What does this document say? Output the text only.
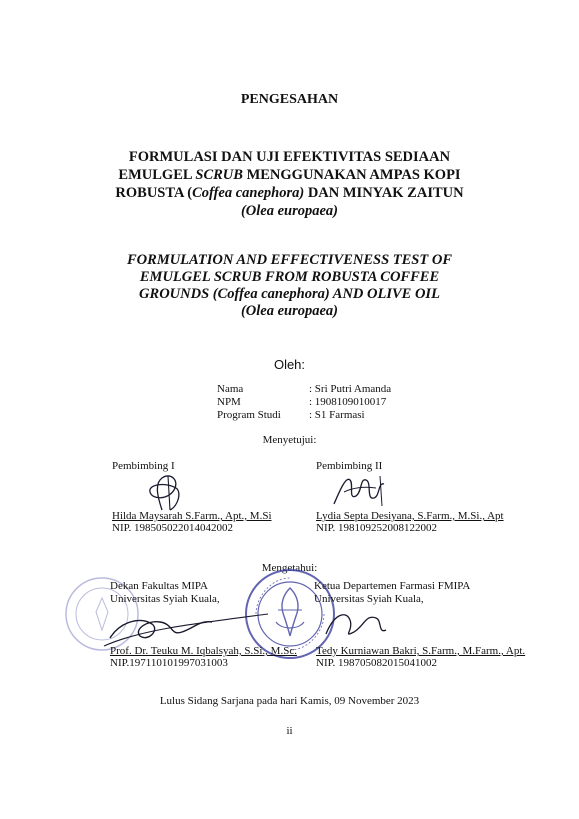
PENGESAHAN
FORMULASI DAN UJI EFEKTIVITAS SEDIAAN
EMULGEL SCRUB MENGGUNAKAN AMPAS KOPI
ROBUSTA (Coffea canephora) DAN MINYAK ZAITUN
(Olea europaea)
FORMULATION AND EFFECTIVENESS TEST OF
EMULGEL SCRUB FROM ROBUSTA COFFEE
GROUNDS (Coffea canephora) AND OLIVE OIL
(Olea europaea)
Oleh:
Nama	: Sri Putri Amanda
NPM	: 1908109010017
Program Studi	: S1 Farmasi
Menyetujui:
Pembimbing I	Pembimbing II
Hilda Maysarah S.Farm., Apt., M.Si
NIP. 198505022014042002
Lydia Septa Desiyana, S.Farm., M.Si., Apt
NIP. 198109252008122002
Mengetahui:
Dekan Fakultas MIPA
Universitas Syiah Kuala,
Ketua Departemen Farmasi FMIPA
Universitas Syiah Kuala,
Prof. Dr. Teuku M. Iqbalsyah, S.Si., M.Sc.
NIP.197110101997031003
Tedy Kurniawan Bakri, S.Farm., M.Farm., Apt.
NIP. 198705082015041002
Lulus Sidang Sarjana pada hari Kamis, 09 November 2023
ii
